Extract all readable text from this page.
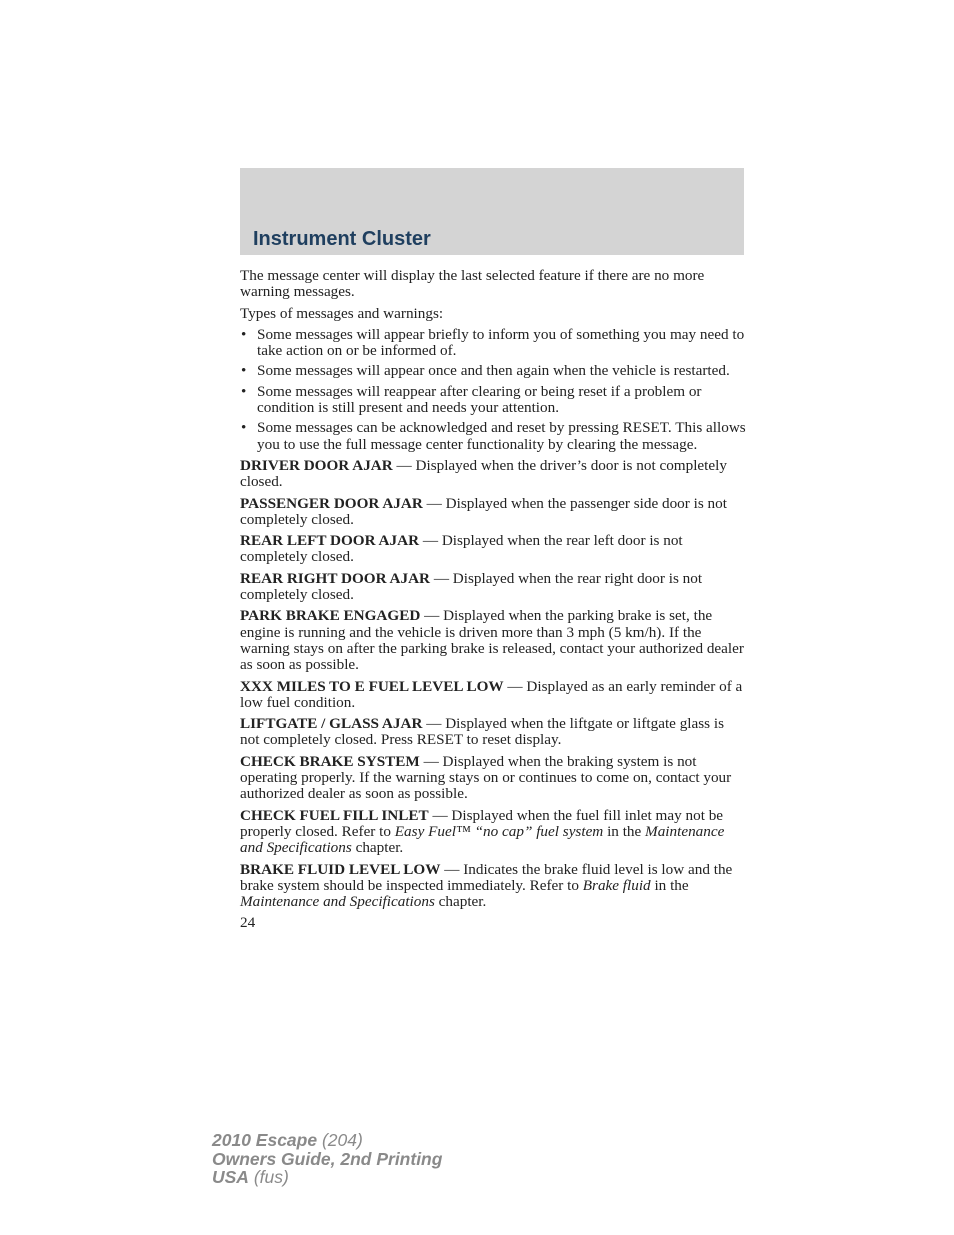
Instrument Cluster

The message center will display the last selected feature if there are no more warning messages.

Types of messages and warnings:

• Some messages will appear briefly to inform you of something you may need to take action on or be informed of.
• Some messages will appear once and then again when the vehicle is restarted.
• Some messages will reappear after clearing or being reset if a problem or condition is still present and needs your attention.
• Some messages can be acknowledged and reset by pressing RESET. This allows you to use the full message center functionality by clearing the message.

DRIVER DOOR AJAR — Displayed when the driver’s door is not completely closed.

PASSENGER DOOR AJAR — Displayed when the passenger side door is not completely closed.

REAR LEFT DOOR AJAR — Displayed when the rear left door is not completely closed.

REAR RIGHT DOOR AJAR — Displayed when the rear right door is not completely closed.

PARK BRAKE ENGAGED — Displayed when the parking brake is set, the engine is running and the vehicle is driven more than 3 mph (5 km/h). If the warning stays on after the parking brake is released, contact your authorized dealer as soon as possible.

XXX MILES TO E FUEL LEVEL LOW — Displayed as an early reminder of a low fuel condition.

LIFTGATE / GLASS AJAR — Displayed when the liftgate or liftgate glass is not completely closed. Press RESET to reset display.

CHECK BRAKE SYSTEM — Displayed when the braking system is not operating properly. If the warning stays on or continues to come on, contact your authorized dealer as soon as possible.

CHECK FUEL FILL INLET — Displayed when the fuel fill inlet may not be properly closed. Refer to Easy Fuel™ “no cap” fuel system in the Maintenance and Specifications chapter.

BRAKE FLUID LEVEL LOW — Indicates the brake fluid level is low and the brake system should be inspected immediately. Refer to Brake fluid in the Maintenance and Specifications chapter.

24
2010 Escape (204)
Owners Guide, 2nd Printing
USA (fus)
